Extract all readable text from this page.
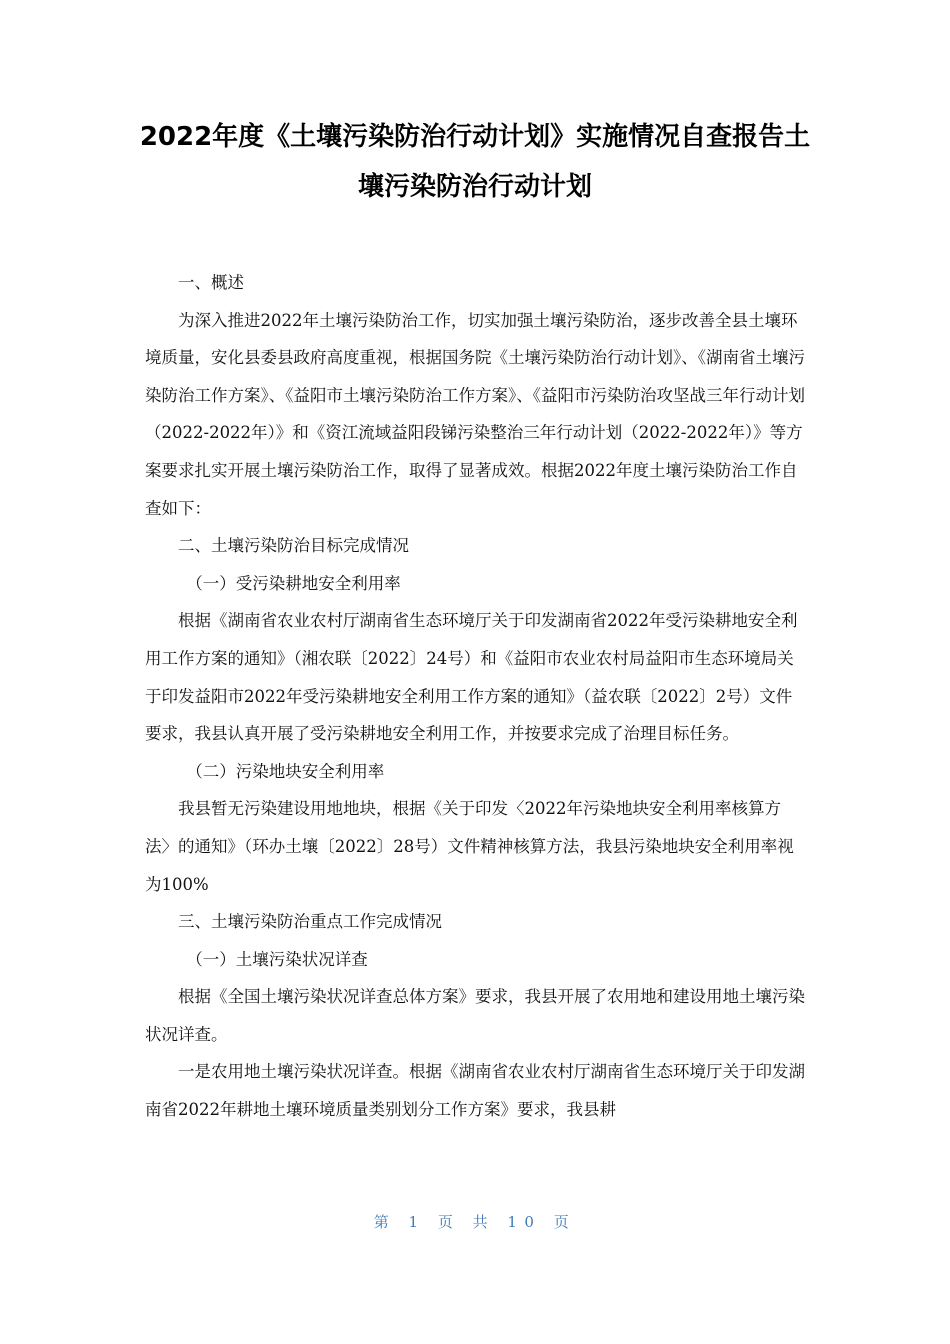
2022年度《土壤污染防治行动计划》实施情况自查报告土
壤污染防治行动计划

一、概述

为深入推进2022年土壤污染防治工作，切实加强土壤污染防治，逐步改善全县土壤环境质量，安化县委县政府高度重视，根据国务院《土壤污染防治行动计划》、《湖南省土壤污染防治工作方案》、《益阳市土壤污染防治工作方案》、《益阳市污染防治攻坚战三年行动计划（2022-2022年）》和《资江流域益阳段锑污染整治三年行动计划（2022-2022年）》等方案要求扎实开展土壤污染防治工作，取得了显著成效。根据2022年度土壤污染防治工作自查如下：

二、土壤污染防治目标完成情况

（一）受污染耕地安全利用率

根据《湖南省农业农村厅湖南省生态环境厅关于印发湖南省2022年受污染耕地安全利用工作方案的通知》（湘农联〔2022〕24号）和《益阳市农业农村局益阳市生态环境局关于印发益阳市2022年受污染耕地安全利用工作方案的通知》（益农联〔2022〕2号）文件要求，我县认真开展了受污染耕地安全利用工作，并按要求完成了治理目标任务。

（二）污染地块安全利用率

我县暂无污染建设用地地块，根据《关于印发〈2022年污染地块安全利用率核算方法〉的通知》（环办土壤〔2022〕28号）文件精神核算方法，我县污染地块安全利用率视为100%

三、土壤污染防治重点工作完成情况

（一）土壤污染状况详查

根据《全国土壤污染状况详查总体方案》要求，我县开展了农用地和建设用地土壤污染状况详查。

一是农用地土壤污染状况详查。根据《湖南省农业农村厅湖南省生态环境厅关于印发湖南省2022年耕地土壤环境质量类别划分工作方案》要求，我县耕

第 1 页 共 10 页
